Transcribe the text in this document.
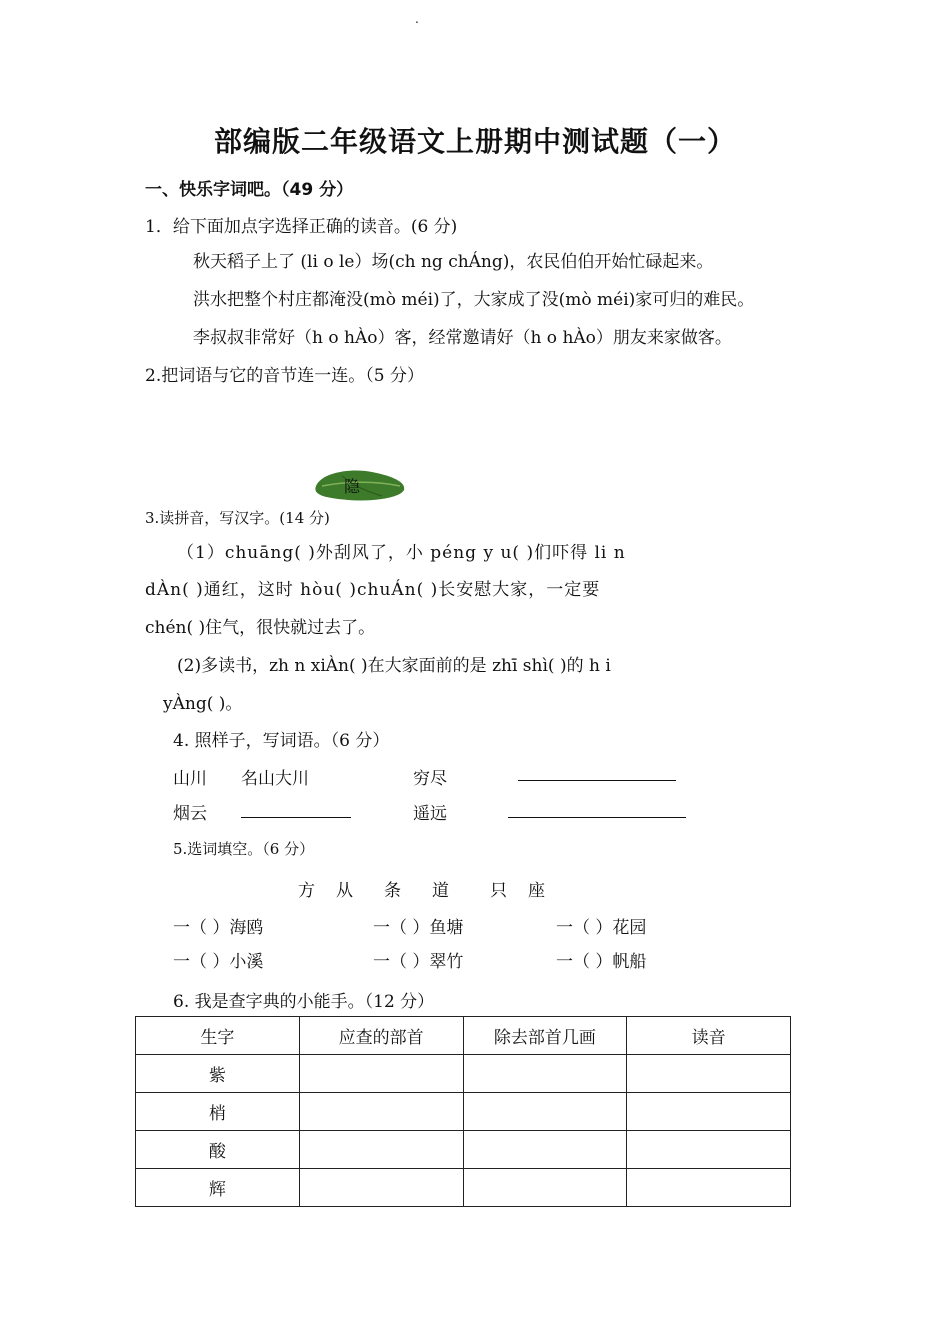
.
部编版二年级语文上册期中测试题（一）
一、快乐字词吧。（49 分）
1．给下面加点字选择正确的读音。(6 分)
秋天稻子上了 (li o le）场(ch ng chÁng)，农民伯伯开始忙碌起来。
洪水把整个村庄都淹没(mò méi)了，大家成了没(mò méi)家可归的难民。
李叔叔非常好（h o hÀo）客，经常邀请好（h o hÀo）朋友来家做客。
2.把词语与它的音节连一连。（5 分）
隐
3.读拼音，写汉字。(14 分)
（1）chuāng( )外刮风了，小 péng y u( )们吓得 li n
dÀn( )通红，这时 hòu( )chuÁn( )长安慰大家，一定要
chén( )住气，很快就过去了。
(2)多读书，zh n xiÀn( )在大家面前的是 zhī shì( )的 h i
yÀng( )。
4. 照样子，写词语。（6 分）
山川 名山大川	穷尽
烟云	遥远
5.选词填空。（6 分）
方 从 条 道 只 座
一（ ）海鸥	一（ ）鱼塘	一（ ）花园
一（ ）小溪	一（ ）翠竹	一（ ）帆船
6. 我是查字典的小能手。（12 分）
生字	应查的部首	除去部首几画	读音
紫			
梢			
酸			
辉			
